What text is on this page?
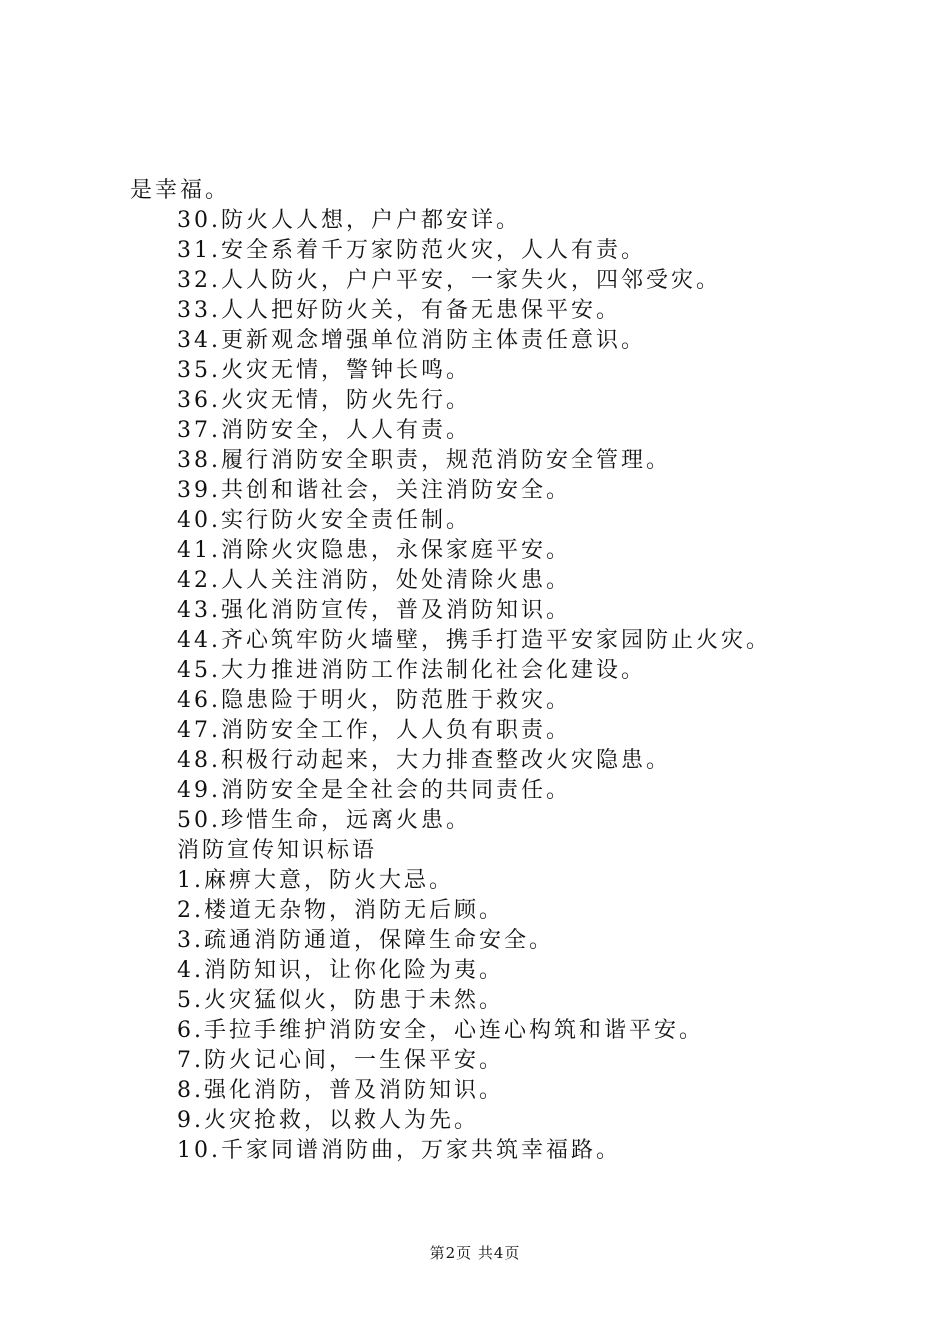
是幸福。
30.防火人人想，户户都安详。
31.安全系着千万家防范火灾，人人有责。
32.人人防火，户户平安，一家失火，四邻受灾。
33.人人把好防火关，有备无患保平安。
34.更新观念增强单位消防主体责任意识。
35.火灾无情，警钟长鸣。
36.火灾无情，防火先行。
37.消防安全，人人有责。
38.履行消防安全职责，规范消防安全管理。
39.共创和谐社会，关注消防安全。
40.实行防火安全责任制。
41.消除火灾隐患，永保家庭平安。
42.人人关注消防，处处清除火患。
43.强化消防宣传，普及消防知识。
44.齐心筑牢防火墙壁，携手打造平安家园防止火灾。
45.大力推进消防工作法制化社会化建设。
46.隐患险于明火，防范胜于救灾。
47.消防安全工作，人人负有职责。
48.积极行动起来，大力排查整改火灾隐患。
49.消防安全是全社会的共同责任。
50.珍惜生命，远离火患。
消防宣传知识标语
1.麻痹大意，防火大忌。
2.楼道无杂物，消防无后顾。
3.疏通消防通道，保障生命安全。
4.消防知识，让你化险为夷。
5.火灾猛似火，防患于未然。
6.手拉手维护消防安全，心连心构筑和谐平安。
7.防火记心间，一生保平安。
8.强化消防，普及消防知识。
9.火灾抢救，以救人为先。
10.千家同谱消防曲，万家共筑幸福路。
第2页 共4页
